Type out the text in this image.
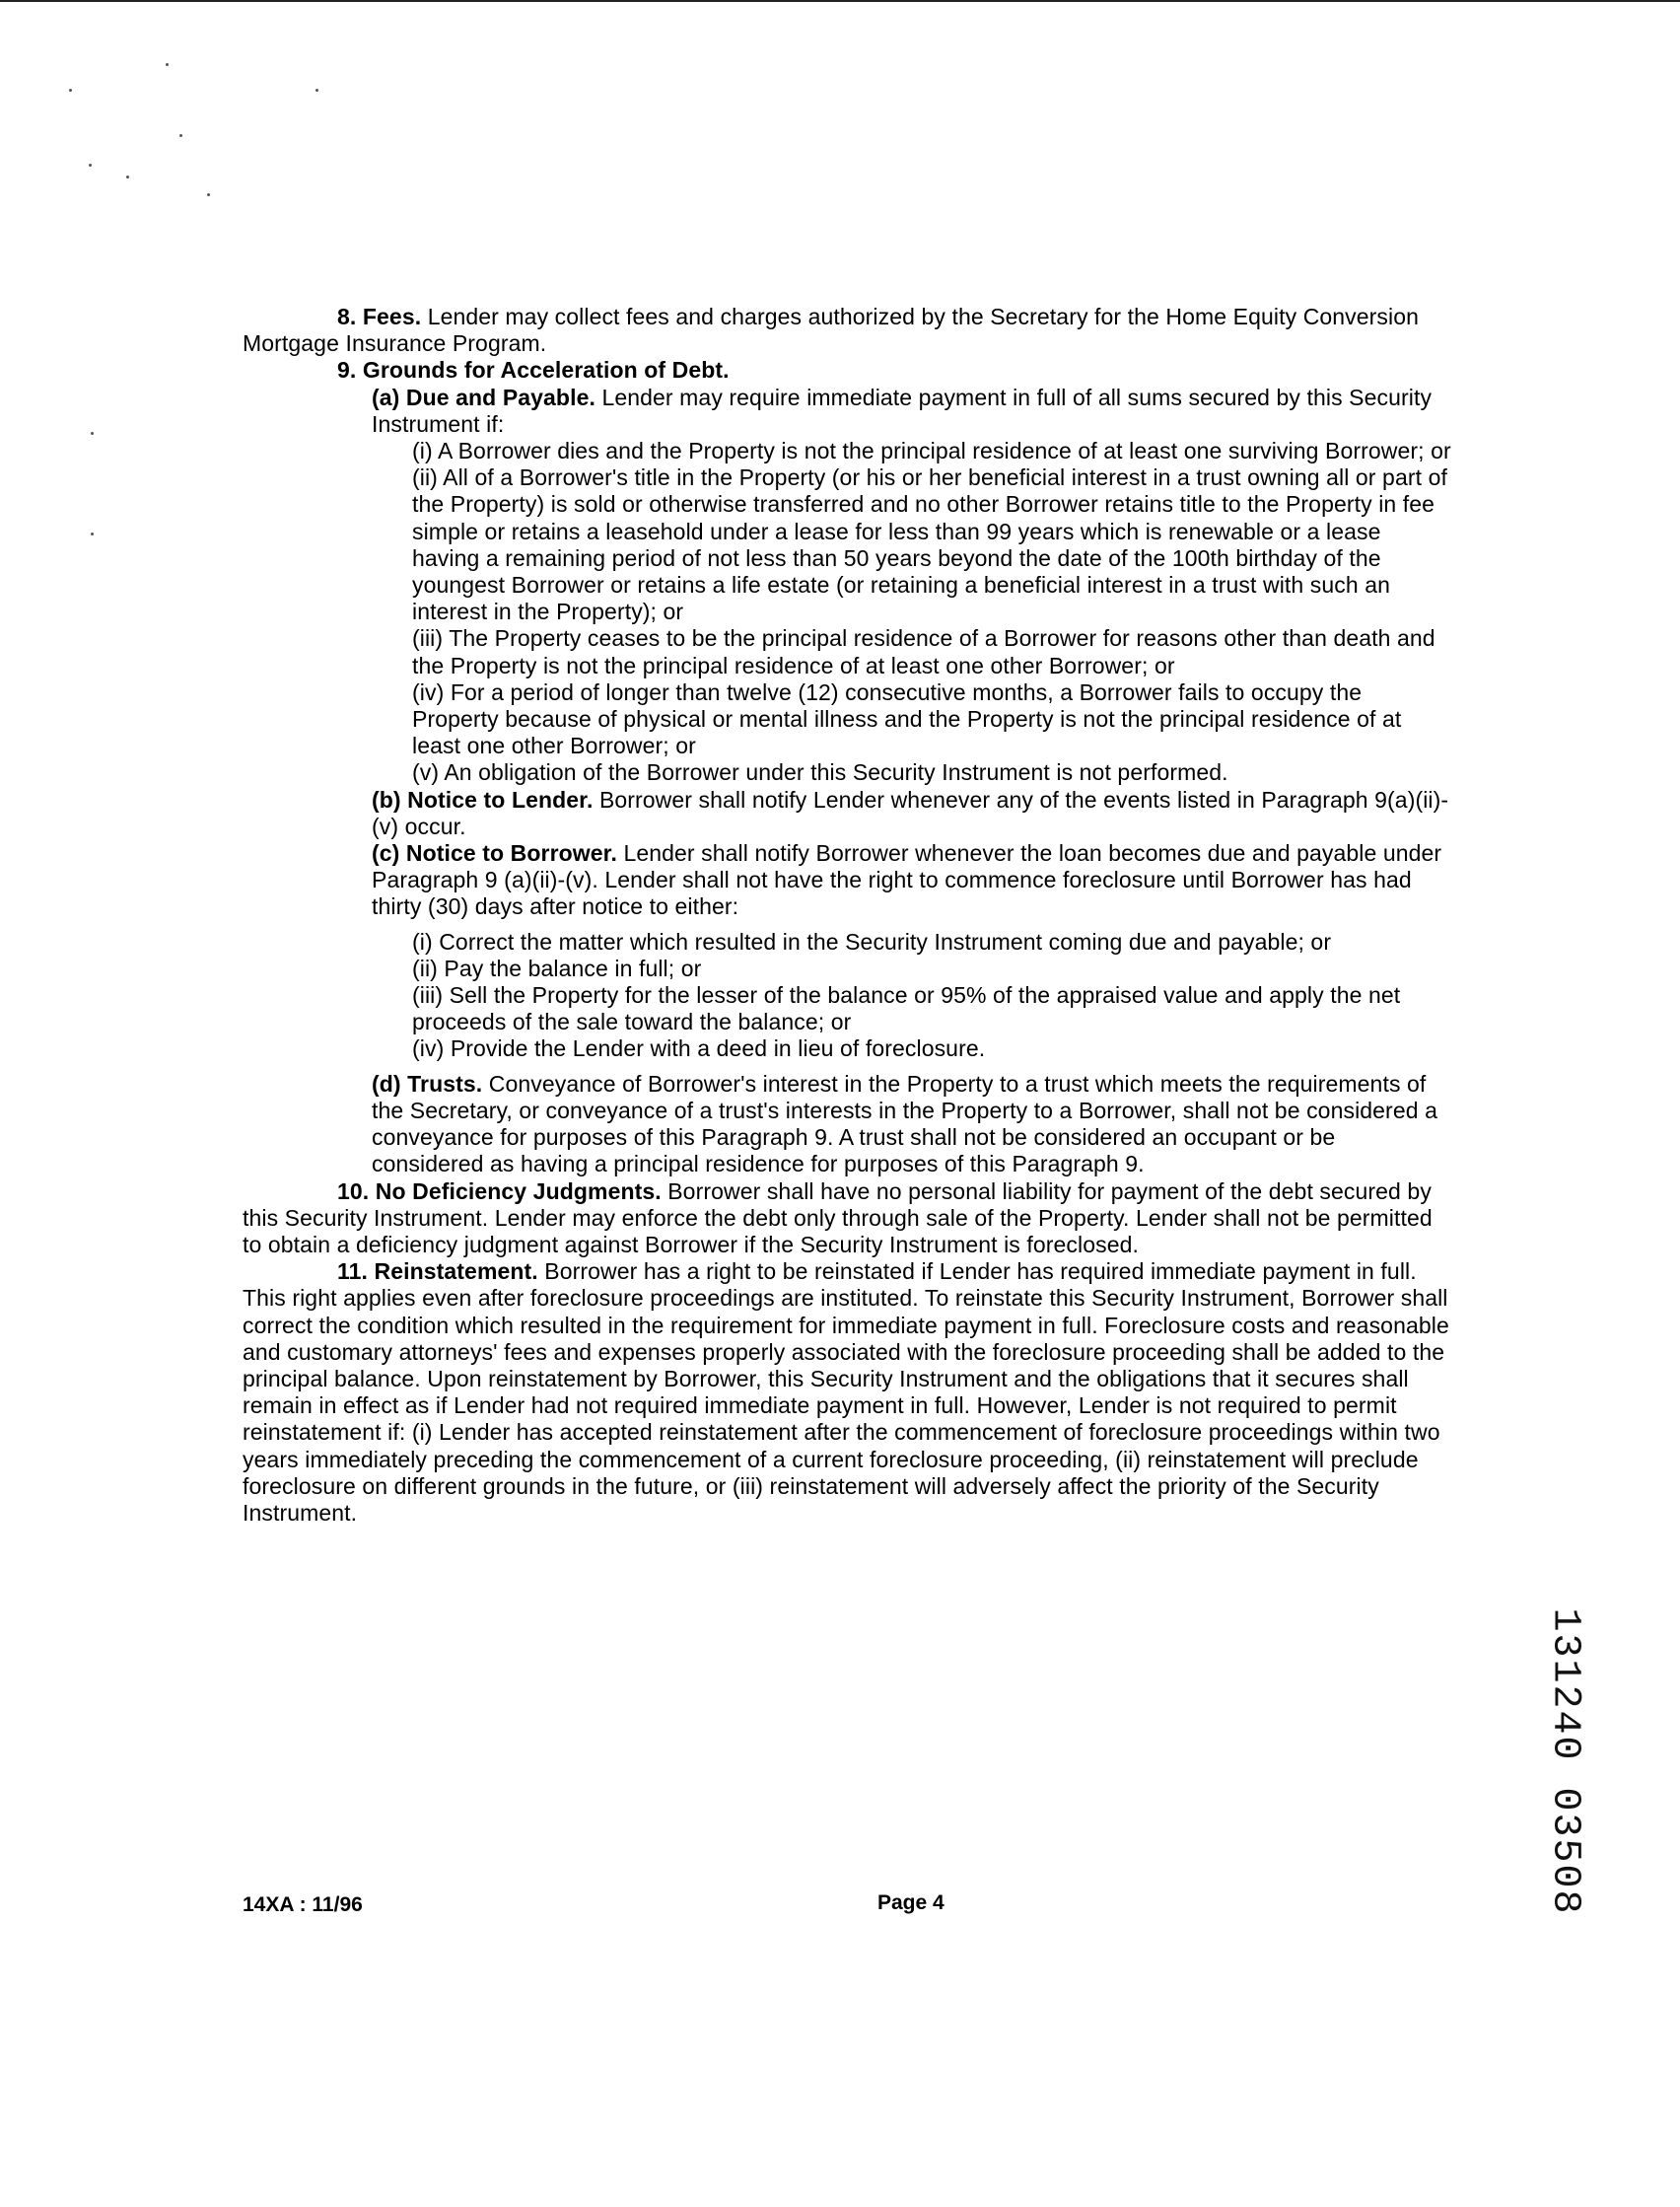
8. Fees. Lender may collect fees and charges authorized by the Secretary for the Home Equity Conversion Mortgage Insurance Program.

9. Grounds for Acceleration of Debt.

(a) Due and Payable. Lender may require immediate payment in full of all sums secured by this Security Instrument if:

(i) A Borrower dies and the Property is not the principal residence of at least one surviving Borrower; or

(ii) All of a Borrower's title in the Property (or his or her beneficial interest in a trust owning all or part of the Property) is sold or otherwise transferred and no other Borrower retains title to the Property in fee simple or retains a leasehold under a lease for less than 99 years which is renewable or a lease having a remaining period of not less than 50 years beyond the date of the 100th birthday of the youngest Borrower or retains a life estate (or retaining a beneficial interest in a trust with such an interest in the Property); or

(iii) The Property ceases to be the principal residence of a Borrower for reasons other than death and the Property is not the principal residence of at least one other Borrower; or

(iv) For a period of longer than twelve (12) consecutive months, a Borrower fails to occupy the Property because of physical or mental illness and the Property is not the principal residence of at least one other Borrower; or

(v) An obligation of the Borrower under this Security Instrument is not performed.

(b) Notice to Lender. Borrower shall notify Lender whenever any of the events listed in Paragraph 9(a)(ii)-(v) occur.

(c) Notice to Borrower. Lender shall notify Borrower whenever the loan becomes due and payable under Paragraph 9 (a)(ii)-(v). Lender shall not have the right to commence foreclosure until Borrower has had thirty (30) days after notice to either:

(i) Correct the matter which resulted in the Security Instrument coming due and payable; or

(ii) Pay the balance in full; or

(iii) Sell the Property for the lesser of the balance or 95% of the appraised value and apply the net proceeds of the sale toward the balance; or

(iv) Provide the Lender with a deed in lieu of foreclosure.

(d) Trusts. Conveyance of Borrower's interest in the Property to a trust which meets the requirements of the Secretary, or conveyance of a trust's interests in the Property to a Borrower, shall not be considered a conveyance for purposes of this Paragraph 9. A trust shall not be considered an occupant or be considered as having a principal residence for purposes of this Paragraph 9.

10. No Deficiency Judgments. Borrower shall have no personal liability for payment of the debt secured by this Security Instrument. Lender may enforce the debt only through sale of the Property. Lender shall not be permitted to obtain a deficiency judgment against Borrower if the Security Instrument is foreclosed.

11. Reinstatement. Borrower has a right to be reinstated if Lender has required immediate payment in full. This right applies even after foreclosure proceedings are instituted. To reinstate this Security Instrument, Borrower shall correct the condition which resulted in the requirement for immediate payment in full. Foreclosure costs and reasonable and customary attorneys' fees and expenses properly associated with the foreclosure proceeding shall be added to the principal balance. Upon reinstatement by Borrower, this Security Instrument and the obligations that it secures shall remain in effect as if Lender had not required immediate payment in full. However, Lender is not required to permit reinstatement if: (i) Lender has accepted reinstatement after the commencement of foreclosure proceedings within two years immediately preceding the commencement of a current foreclosure proceeding, (ii) reinstatement will preclude foreclosure on different grounds in the future, or (iii) reinstatement will adversely affect the priority of the Security Instrument.

14XA : 11/96	Page 4	131240 03508
